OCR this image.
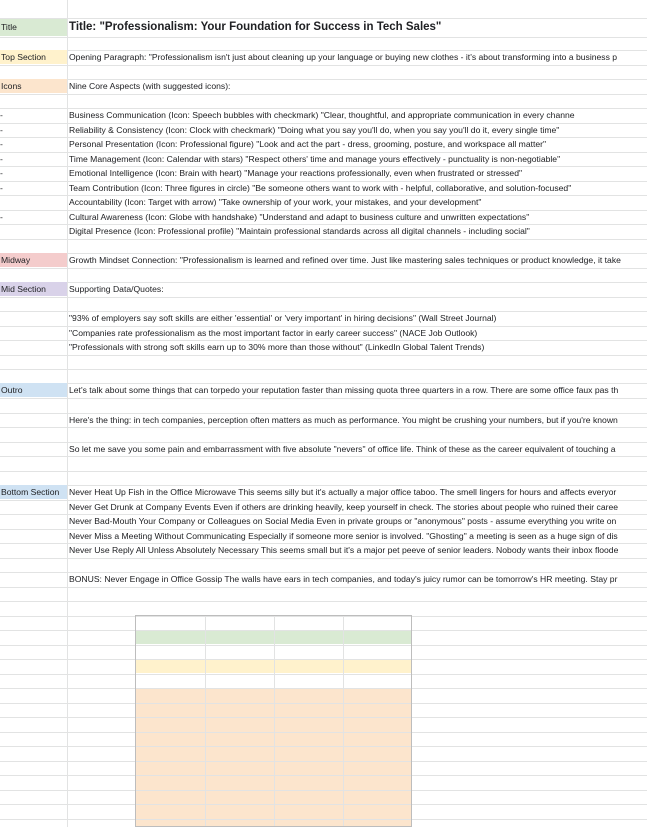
Title	Title: "Professionalism: Your Foundation for Success in Tech Sales"
Top Section	Opening Paragraph: "Professionalism isn't just about cleaning up your language or buying new clothes - it's about transforming into a business p
Icons	Nine Core Aspects (with suggested icons):
-	Business Communication (Icon: Speech bubbles with checkmark) "Clear, thoughtful, and appropriate communication in every channe
-	Reliability & Consistency (Icon: Clock with checkmark) "Doing what you say you'll do, when you say you'll do it, every single time"
-	Personal Presentation (Icon: Professional figure) "Look and act the part - dress, grooming, posture, and workspace all matter"
-	Time Management (Icon: Calendar with stars) "Respect others' time and manage yours effectively - punctuality is non-negotiable"
-	Emotional Intelligence (Icon: Brain with heart) "Manage your reactions professionally, even when frustrated or stressed"
-	Team Contribution (Icon: Three figures in circle) "Be someone others want to work with - helpful, collaborative, and solution-focused"
Accountability (Icon: Target with arrow) "Take ownership of your work, your mistakes, and your development"
-	Cultural Awareness (Icon: Globe with handshake) "Understand and adapt to business culture and unwritten expectations"
Digital Presence (Icon: Professional profile) "Maintain professional standards across all digital channels - including social"
Midway	Growth Mindset Connection: "Professionalism is learned and refined over time. Just like mastering sales techniques or product knowledge, it take
Mid Section	Supporting Data/Quotes:
"93% of employers say soft skills are either 'essential' or 'very important' in hiring decisions" (Wall Street Journal)
"Companies rate professionalism as the most important factor in early career success" (NACE Job Outlook)
"Professionals with strong soft skills earn up to 30% more than those without" (LinkedIn Global Talent Trends)
Outro	Let's talk about some things that can torpedo your reputation faster than missing quota three quarters in a row. There are some office faux pas th
Here's the thing: in tech companies, perception often matters as much as performance. You might be crushing your numbers, but if you're known
So let me save you some pain and embarrassment with five absolute "nevers" of office life. Think of these as the career equivalent of touching a
Bottom Section	Never Heat Up Fish in the Office Microwave This seems silly but it's actually a major office taboo. The smell lingers for hours and affects everyor
Never Get Drunk at Company Events Even if others are drinking heavily, keep yourself in check. The stories about people who ruined their caree
Never Bad-Mouth Your Company or Colleagues on Social Media Even in private groups or "anonymous" posts - assume everything you write on
Never Miss a Meeting Without Communicating Especially if someone more senior is involved. "Ghosting" a meeting is seen as a huge sign of dis
Never Use Reply All Unless Absolutely Necessary This seems small but it's a major pet peeve of senior leaders. Nobody wants their inbox floode
BONUS: Never Engage in Office Gossip The walls have ears in tech companies, and today's juicy rumor can be tomorrow's HR meeting. Stay pr
